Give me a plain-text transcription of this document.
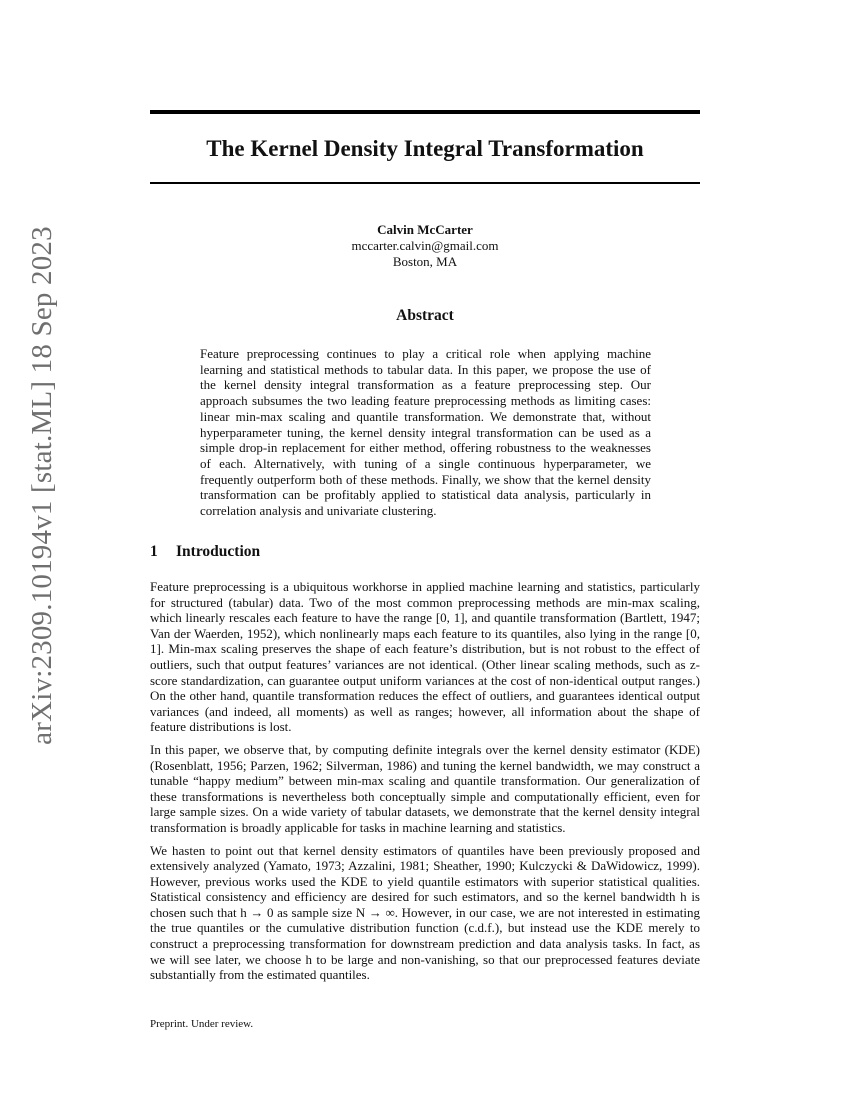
arXiv:2309.10194v1 [stat.ML] 18 Sep 2023
The Kernel Density Integral Transformation
Calvin McCarter
mccarter.calvin@gmail.com
Boston, MA
Abstract
Feature preprocessing continues to play a critical role when applying machine learning and statistical methods to tabular data. In this paper, we propose the use of the kernel density integral transformation as a feature preprocessing step. Our approach subsumes the two leading feature preprocessing methods as limiting cases: linear min-max scaling and quantile transformation. We demonstrate that, without hyperparameter tuning, the kernel density integral transformation can be used as a simple drop-in replacement for either method, offering robustness to the weaknesses of each. Alternatively, with tuning of a single continuous hyperparameter, we frequently outperform both of these methods. Finally, we show that the kernel density transformation can be profitably applied to statistical data analysis, particularly in correlation analysis and univariate clustering.
1 Introduction

Feature preprocessing is a ubiquitous workhorse in applied machine learning and statistics, particularly for structured (tabular) data. Two of the most common preprocessing methods are min-max scaling, which linearly rescales each feature to have the range [0, 1], and quantile transformation (Bartlett, 1947; Van der Waerden, 1952), which nonlinearly maps each feature to its quantiles, also lying in the range [0, 1]. Min-max scaling preserves the shape of each feature’s distribution, but is not robust to the effect of outliers, such that output features’ variances are not identical. (Other linear scaling methods, such as z-score standardization, can guarantee output uniform variances at the cost of non-identical output ranges.) On the other hand, quantile transformation reduces the effect of outliers, and guarantees identical output variances (and indeed, all moments) as well as ranges; however, all information about the shape of feature distributions is lost.

In this paper, we observe that, by computing definite integrals over the kernel density estimator (KDE) (Rosenblatt, 1956; Parzen, 1962; Silverman, 1986) and tuning the kernel bandwidth, we may construct a tunable “happy medium” between min-max scaling and quantile transformation. Our generalization of these transformations is nevertheless both conceptually simple and computationally efficient, even for large sample sizes. On a wide variety of tabular datasets, we demonstrate that the kernel density integral transformation is broadly applicable for tasks in machine learning and statistics.

We hasten to point out that kernel density estimators of quantiles have been previously proposed and extensively analyzed (Yamato, 1973; Azzalini, 1981; Sheather, 1990; Kulczycki & DaWidowicz, 1999). However, previous works used the KDE to yield quantile estimators with superior statistical qualities. Statistical consistency and efficiency are desired for such estimators, and so the kernel bandwidth h is chosen such that h → 0 as sample size N → ∞. However, in our case, we are not interested in estimating the true quantiles or the cumulative distribution function (c.d.f.), but instead use the KDE merely to construct a preprocessing transformation for downstream prediction and data analysis tasks. In fact, as we will see later, we choose h to be large and non-vanishing, so that our preprocessed features deviate substantially from the estimated quantiles.

Preprint. Under review.
